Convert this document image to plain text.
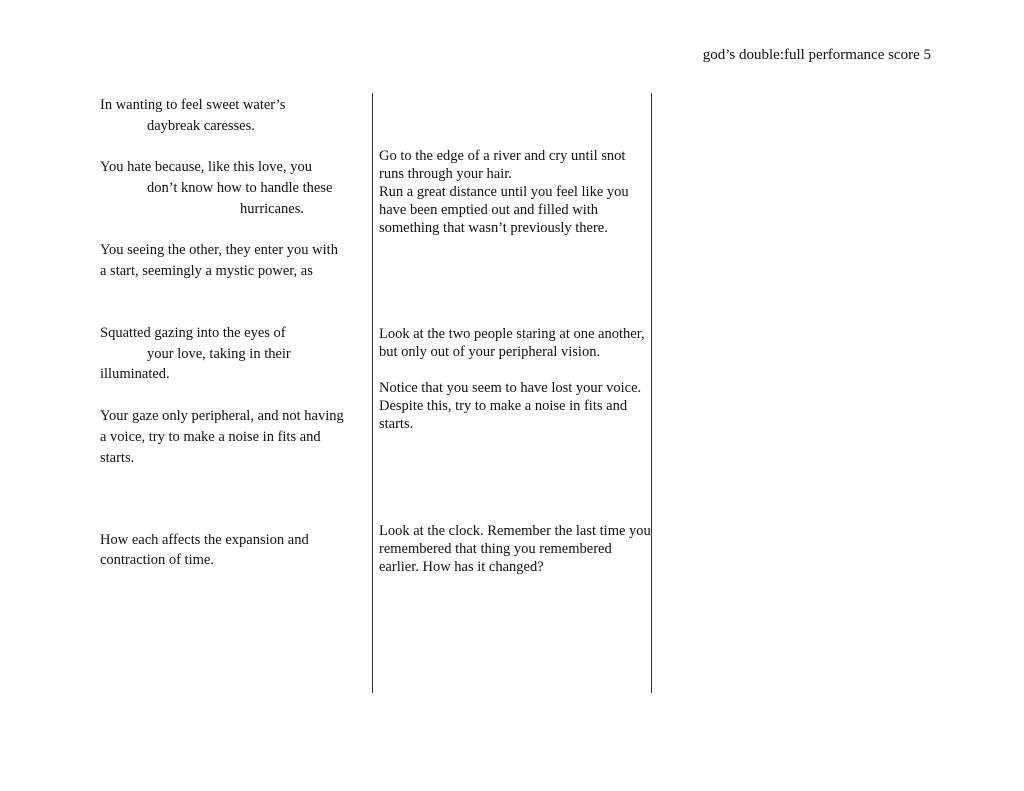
god’s double:full performance score 5
In wanting to feel sweet water’s
daybreak caresses.
You hate because, like this love, you
don’t know how to handle these
hurricanes.
You seeing the other, they enter you with
a start, seemingly a mystic power, as
Squatted gazing into the eyes of
your love, taking in their
illuminated.
Your gaze only peripheral, and not having
a voice, try to make a noise in fits and
starts.
How each affects the expansion and
contraction of time.
Go to the edge of a river and cry until snot runs through your hair.
Run a great distance until you feel like you have been emptied out and filled with something that wasn’t previously there.
Look at the two people staring at one another, but only out of your peripheral vision.
Notice that you seem to have lost your voice. Despite this, try to make a noise in fits and starts.
Look at the clock. Remember the last time you remembered that thing you remembered earlier. How has it changed?
